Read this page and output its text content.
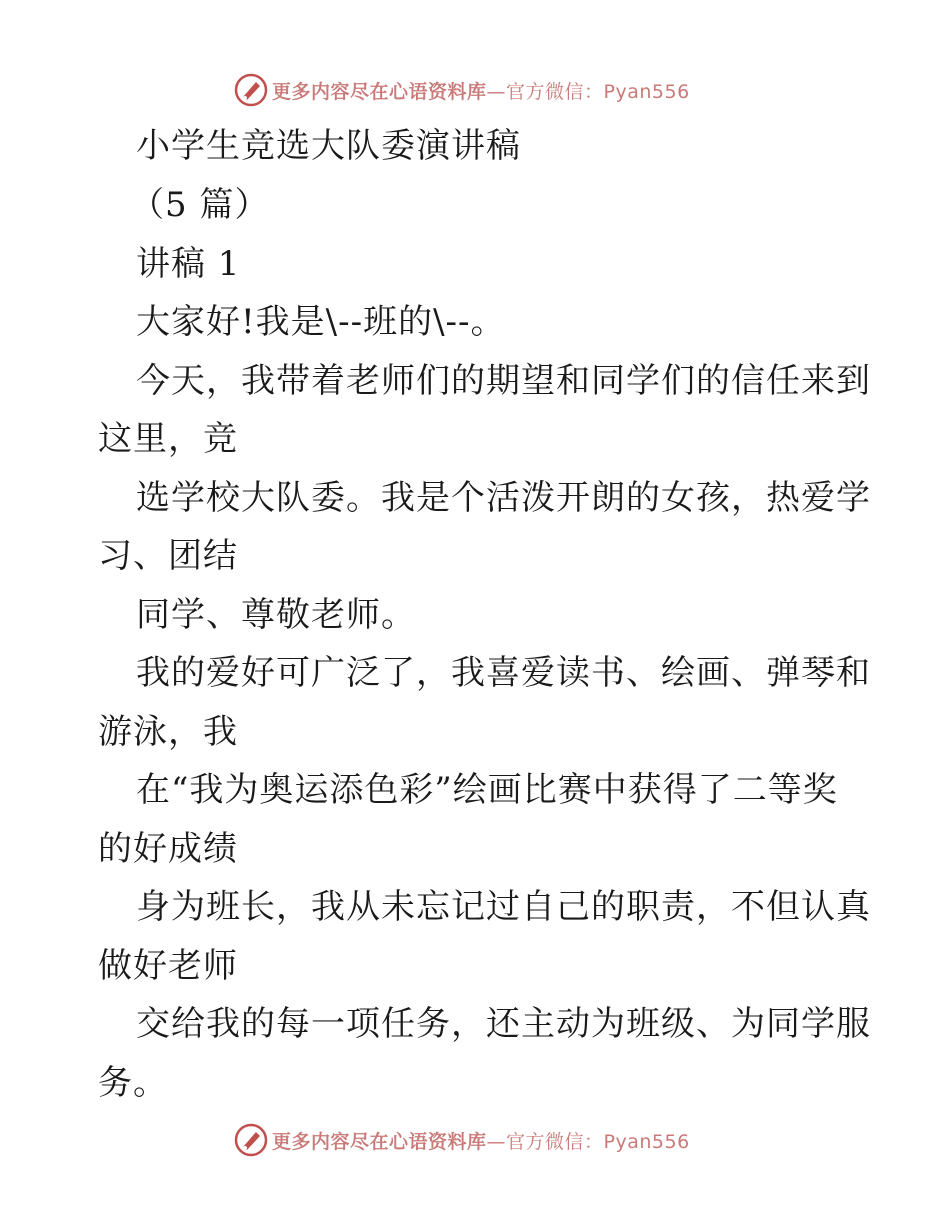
更多内容尽在心语资料库—官方微信：Pyan556
小学生竞选大队委演讲稿
（5 篇）
讲稿 1
大家好!我是\--班的\--。
今天，我带着老师们的期望和同学们的信任来到
这里，竞
选学校大队委。我是个活泼开朗的女孩，热爱学
习、团结
同学、尊敬老师。
我的爱好可广泛了，我喜爱读书、绘画、弹琴和
游泳，我
在“我为奥运添色彩”绘画比赛中获得了二等奖
的好成绩
身为班长，我从未忘记过自己的职责，不但认真
做好老师
交给我的每一项任务，还主动为班级、为同学服
务。
更多内容尽在心语资料库—官方微信：Pyan556
